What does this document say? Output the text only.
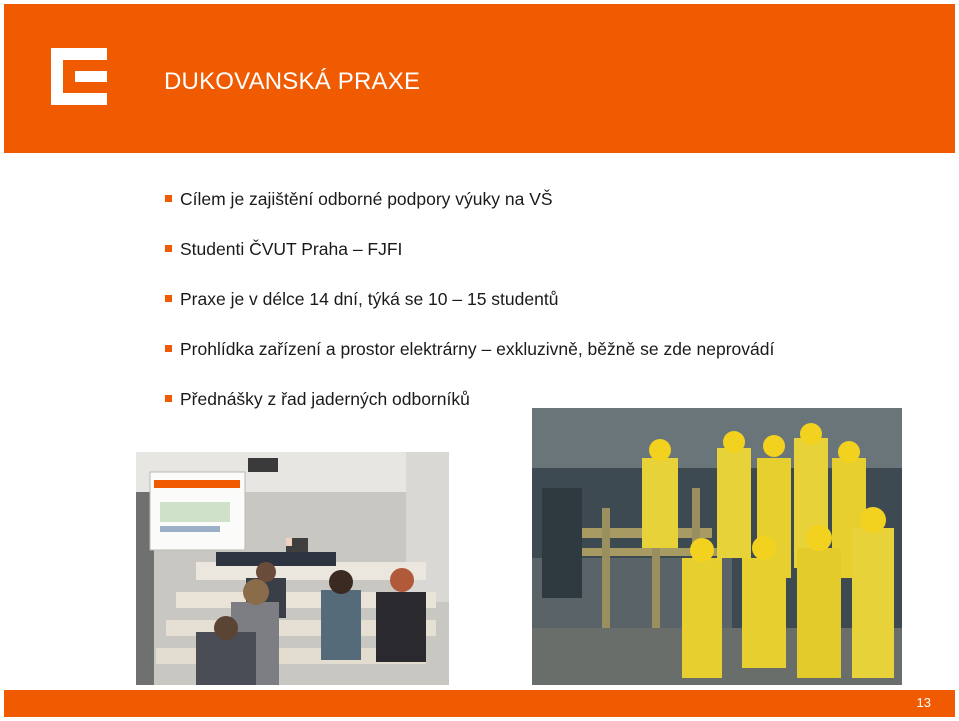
DUKOVANSKÁ PRAXE
Cílem je zajištění odborné podpory výuky na VŠ
Studenti ČVUT Praha – FJFI
Praxe je v délce 14 dní, týká se 10 – 15 studentů
Prohlídka zařízení a prostor elektrárny – exkluzivně, běžně se zde neprovádí
Přednášky z řad jaderných odborníků
13
